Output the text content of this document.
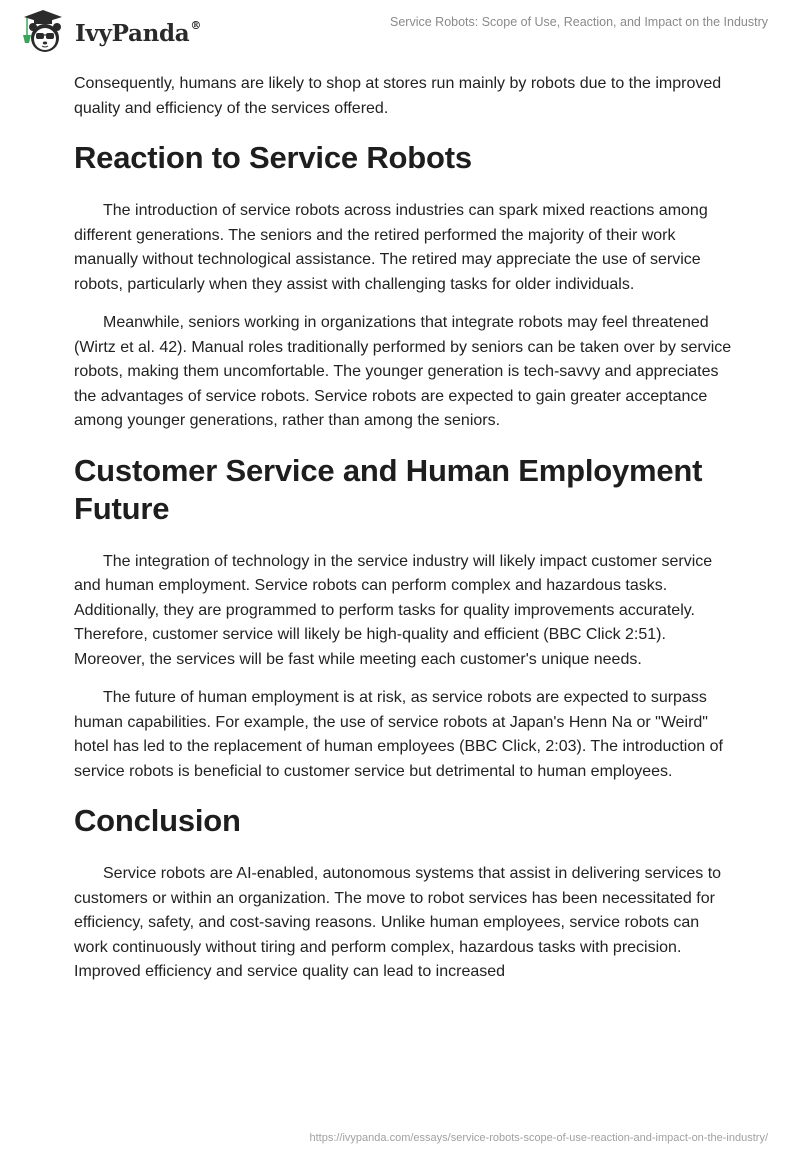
IvyPanda®	Service Robots: Scope of Use, Reaction, and Impact on the Industry

Consequently, humans are likely to shop at stores run mainly by robots due to the improved quality and efficiency of the services offered.

Reaction to Service Robots

The introduction of service robots across industries can spark mixed reactions among different generations. The seniors and the retired performed the majority of their work manually without technological assistance. The retired may appreciate the use of service robots, particularly when they assist with challenging tasks for older individuals.

Meanwhile, seniors working in organizations that integrate robots may feel threatened (Wirtz et al. 42). Manual roles traditionally performed by seniors can be taken over by service robots, making them uncomfortable. The younger generation is tech-savvy and appreciates the advantages of service robots. Service robots are expected to gain greater acceptance among younger generations, rather than among the seniors.

Customer Service and Human Employment Future

The integration of technology in the service industry will likely impact customer service and human employment. Service robots can perform complex and hazardous tasks. Additionally, they are programmed to perform tasks for quality improvements accurately. Therefore, customer service will likely be high-quality and efficient (BBC Click 2:51). Moreover, the services will be fast while meeting each customer's unique needs.

The future of human employment is at risk, as service robots are expected to surpass human capabilities. For example, the use of service robots at Japan's Henn Na or "Weird" hotel has led to the replacement of human employees (BBC Click, 2:03). The introduction of service robots is beneficial to customer service but detrimental to human employees.

Conclusion

Service robots are AI-enabled, autonomous systems that assist in delivering services to customers or within an organization. The move to robot services has been necessitated for efficiency, safety, and cost-saving reasons. Unlike human employees, service robots can work continuously without tiring and perform complex, hazardous tasks with precision. Improved efficiency and service quality can lead to increased

https://ivypanda.com/essays/service-robots-scope-of-use-reaction-and-impact-on-the-industry/
